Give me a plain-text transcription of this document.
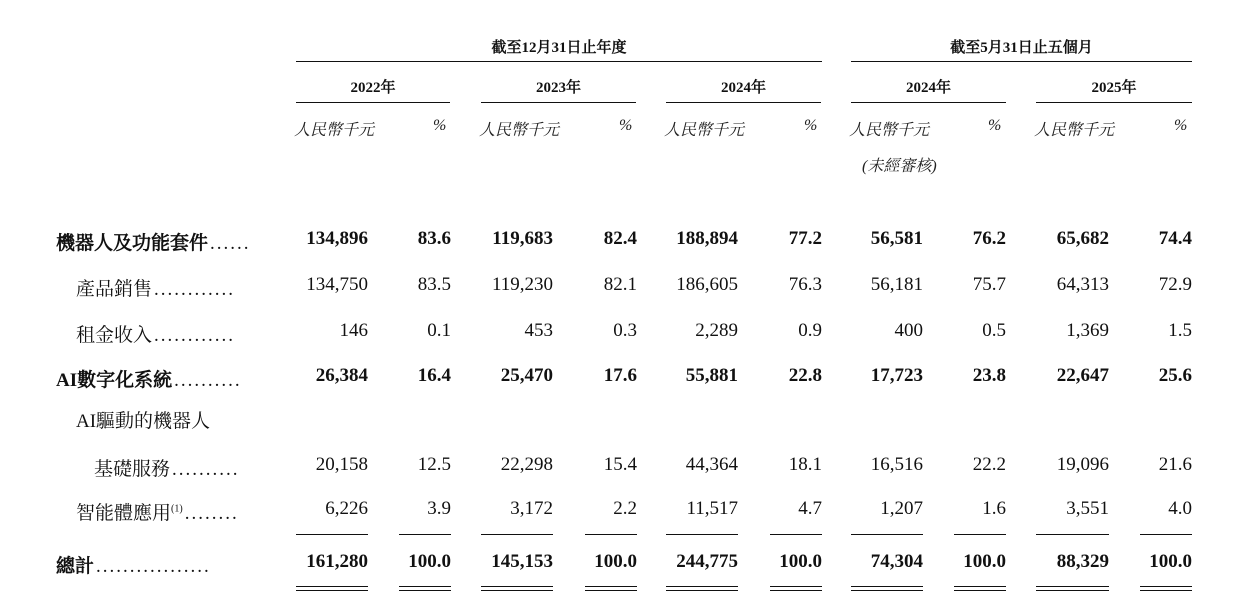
截至12月31日止年度	截至5月31日止五個月
2022年	2023年	2024年	2024年	2025年
人民幣千元	% 人民幣千元	% 人民幣千元	% 人民幣千元	% 人民幣千元	%
(未經審核)
機器人及功能套件 ......	134,896	83.6 119,683	82.4 188,894	77.2	56,581	76.2	65,682	74.4
產品銷售 ............	134,750	83.5 119,230	82.1 186,605	76.3	56,181	75.7	64,313	72.9
租金收入 ............	146	0.1	453	0.3	2,289	0.9	400	0.5	1,369	1.5
AI數字化系統 ..........	26,384	16.4	25,470	17.6	55,881	22.8	17,723	23.8	22,647	25.6
AI驅動的機器人
基礎服務 ..........	20,158	12.5	22,298	15.4	44,364	18.1	16,516	22.2	19,096	21.6
智能體應用$^{(1)}$ ........	6,226	3.9	3,172	2.2	11,517	4.7	1,207	1.6	3,551	4.0
總計 .................	161,280 100.0 145,153 100.0 244,775 100.0	74,304 100.0	88,329 100.0
